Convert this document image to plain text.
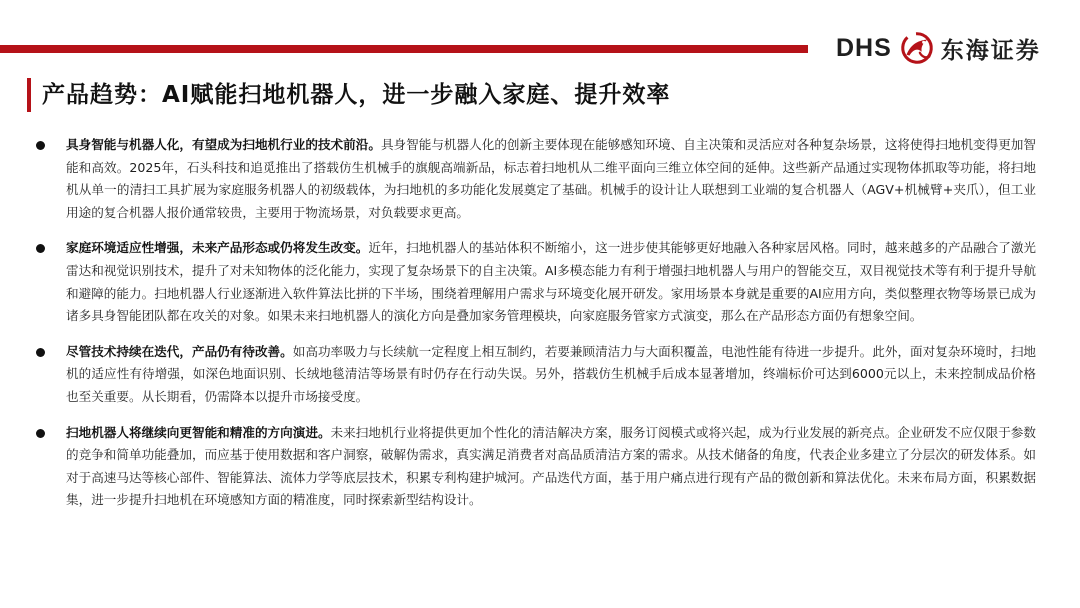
DHS 东海证券
产品趋势：AI赋能扫地机器人，进一步融入家庭、提升效率
具身智能与机器人化，有望成为扫地机行业的技术前沿。具身智能与机器人化的创新主要体现在能够感知环境、自主决策和灵活应对各种复杂场景，这将使得扫地机变得更加智能和高效。2025年，石头科技和追觅推出了搭载仿生机械手的旗舰高端新品，标志着扫地机从二维平面向三维立体空间的延伸。这些新产品通过实现物体抓取等功能，将扫地机从单一的清扫工具扩展为家庭服务机器人的初级载体，为扫地机的多功能化发展奠定了基础。机械手的设计让人联想到工业端的复合机器人（AGV+机械臂+夹爪），但工业用途的复合机器人报价通常较贵，主要用于物流场景，对负载要求更高。
家庭环境适应性增强，未来产品形态或仍将发生改变。近年，扫地机器人的基站体积不断缩小，这一进步使其能够更好地融入各种家居风格。同时，越来越多的产品融合了激光雷达和视觉识别技术，提升了对未知物体的泛化能力，实现了复杂场景下的自主决策。AI多模态能力有利于增强扫地机器人与用户的智能交互，双目视觉技术等有利于提升导航和避障的能力。扫地机器人行业逐渐进入软件算法比拼的下半场，围绕着理解用户需求与环境变化展开研发。家用场景本身就是重要的AI应用方向，类似整理衣物等场景已成为诸多具身智能团队都在攻关的对象。如果未来扫地机器人的演化方向是叠加家务管理模块，向家庭服务管家方式演变，那么在产品形态方面仍有想象空间。
尽管技术持续在迭代，产品仍有待改善。如高功率吸力与长续航一定程度上相互制约，若要兼顾清洁力与大面积覆盖，电池性能有待进一步提升。此外，面对复杂环境时，扫地机的适应性有待增强，如深色地面识别、长绒地毯清洁等场景有时仍存在行动失误。另外，搭载仿生机械手后成本显著增加，终端标价可达到6000元以上，未来控制成品价格也至关重要。从长期看，仍需降本以提升市场接受度。
扫地机器人将继续向更智能和精准的方向演进。未来扫地机行业将提供更加个性化的清洁解决方案，服务订阅模式或将兴起，成为行业发展的新亮点。企业研发不应仅限于参数的竞争和简单功能叠加，而应基于使用数据和客户洞察，破解伪需求，真实满足消费者对高品质清洁方案的需求。从技术储备的角度，代表企业多建立了分层次的研发体系。如对于高速马达等核心部件、智能算法、流体力学等底层技术，积累专利构建护城河。产品迭代方面，基于用户痛点进行现有产品的微创新和算法优化。未来布局方面，积累数据集，进一步提升扫地机在环境感知方面的精准度，同时探索新型结构设计。
